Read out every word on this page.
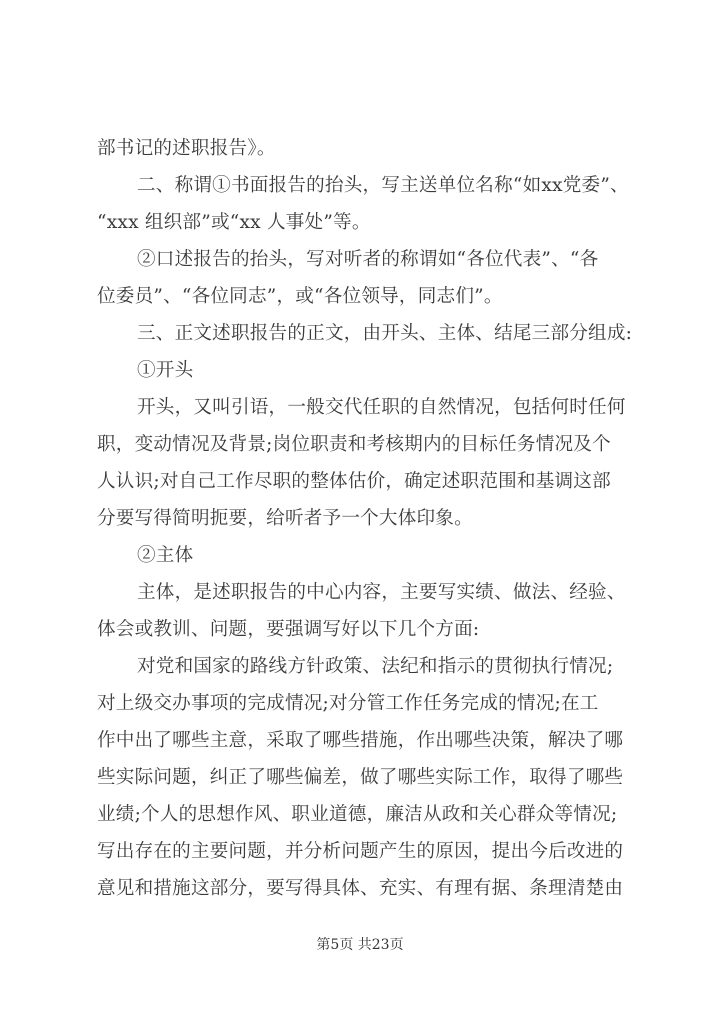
部书记的述职报告》。
二、称谓①书面报告的抬头，写主送单位名称“如xx党委”、
“xxx 组织部”或“xx 人事处”等。
②口述报告的抬头，写对听者的称谓如“各位代表”、“各
位委员”、“各位同志”，或“各位领导，同志们”。
三、正文述职报告的正文，由开头、主体、结尾三部分组成:
①开头
开头，又叫引语，一般交代任职的自然情况，包括何时任何
职，变动情况及背景;岗位职责和考核期内的目标任务情况及个
人认识;对自己工作尽职的整体估价，确定述职范围和基调这部
分要写得简明扼要，给听者予一个大体印象。
②主体
主体，是述职报告的中心内容，主要写实绩、做法、经验、
体会或教训、问题，要强调写好以下几个方面:
对党和国家的路线方针政策、法纪和指示的贯彻执行情况;
对上级交办事项的完成情况;对分管工作任务完成的情况;在工
作中出了哪些主意，采取了哪些措施，作出哪些决策，解决了哪
些实际问题，纠正了哪些偏差，做了哪些实际工作，取得了哪些
业绩;个人的思想作风、职业道德，廉洁从政和关心群众等情况;
写出存在的主要问题，并分析问题产生的原因，提出今后改进的
意见和措施这部分，要写得具体、充实、有理有据、条理清楚由
第5页 共23页
